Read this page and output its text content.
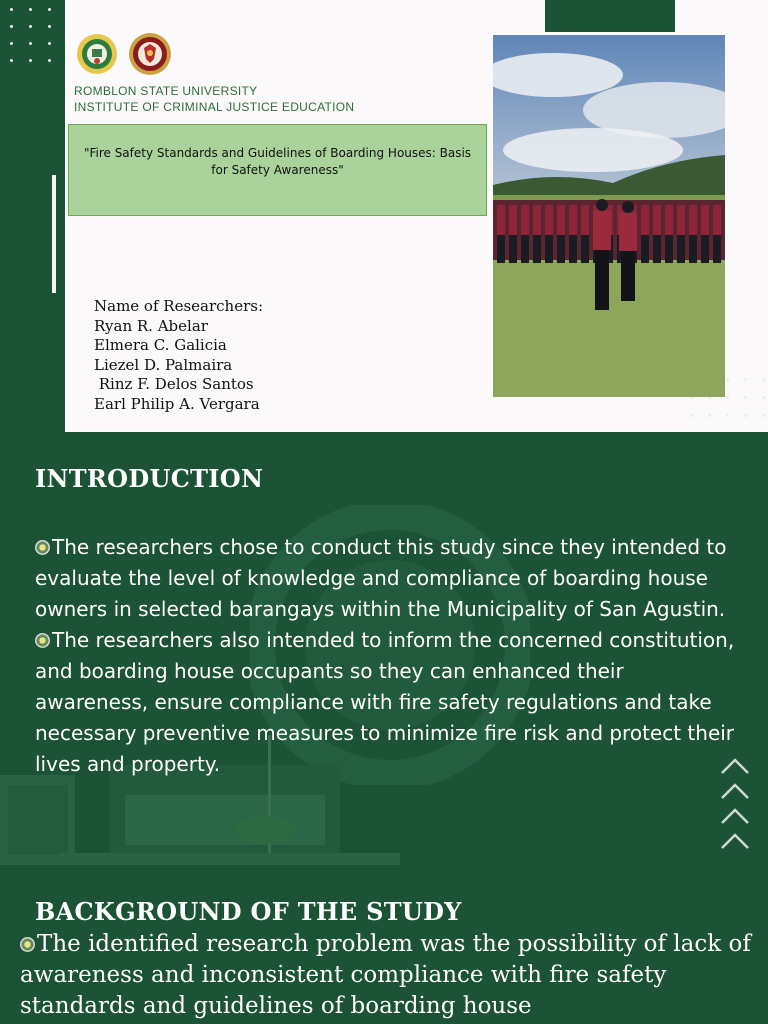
ROMBLON STATE UNIVERSITY
INSTITUTE OF CRIMINAL JUSTICE EDUCATION
"Fire Safety Standards and Guidelines of Boarding Houses: Basis for Safety Awareness"
Name of Researchers:
Ryan R. Abelar
Elmera C. Galicia
Liezel D. Palmaira
Rinz F. Delos Santos
Earl Philip A. Vergara
INTRODUCTION
The researchers chose to conduct this study since they intended to evaluate the level of knowledge and compliance of boarding house owners in selected barangays within the Municipality of San Agustin.
The researchers also intended to inform the concerned constitution, and boarding house occupants so they can enhanced their awareness, ensure compliance with fire safety regulations and take necessary preventive measures to minimize fire risk and protect their lives and property.
BACKGROUND OF THE STUDY
The identified research problem was the possibility of lack of awareness and inconsistent compliance with fire safety standards and guidelines of boarding house
